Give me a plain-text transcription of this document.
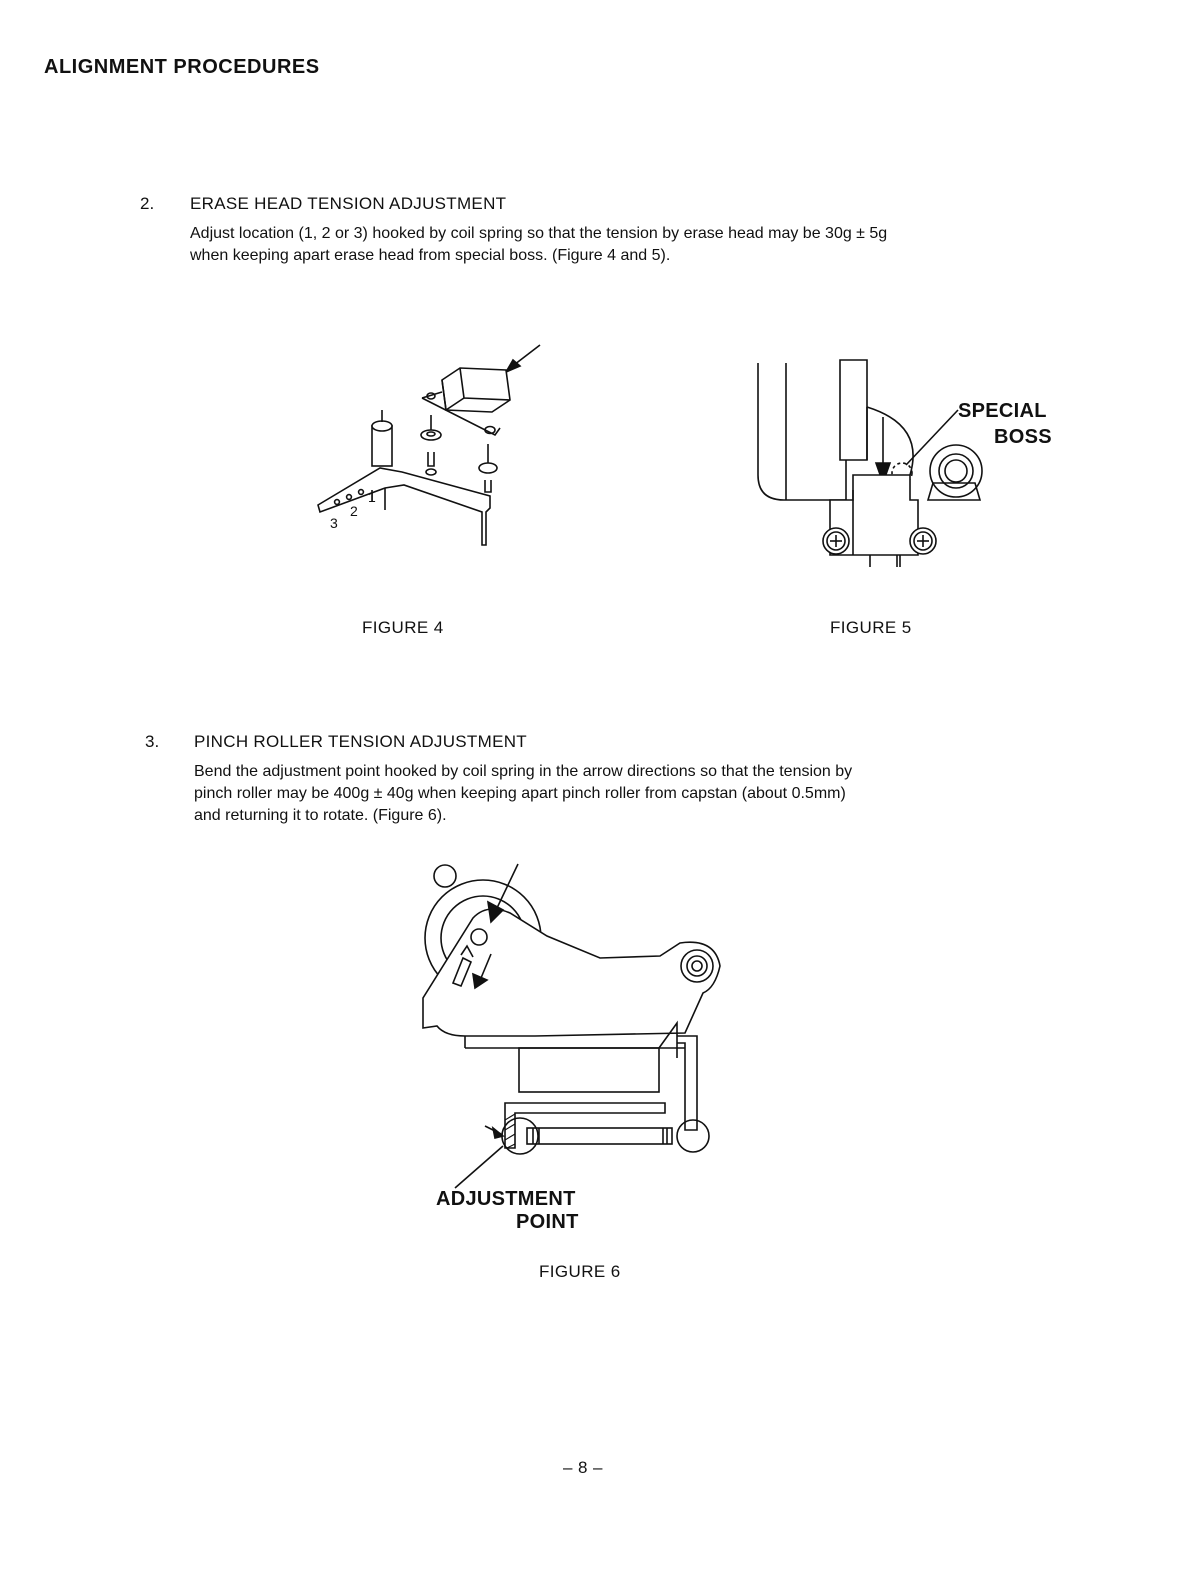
ALIGNMENT PROCEDURES
2. ERASE HEAD TENSION ADJUSTMENT
Adjust location (1, 2 or 3) hooked by coil spring so that the tension by erase head may be 30g ± 5g
when keeping apart erase head from special boss. (Figure 4 and 5).
3
2
1
FIGURE 4
SPECIAL
BOSS
FIGURE 5
3. PINCH ROLLER TENSION ADJUSTMENT
Bend the adjustment point hooked by coil spring in the arrow directions so that the tension by
pinch roller may be 400g ± 40g when keeping apart pinch roller from capstan (about 0.5mm)
and returning it to rotate. (Figure 6).
ADJUSTMENT
POINT
FIGURE 6
– 8 –
